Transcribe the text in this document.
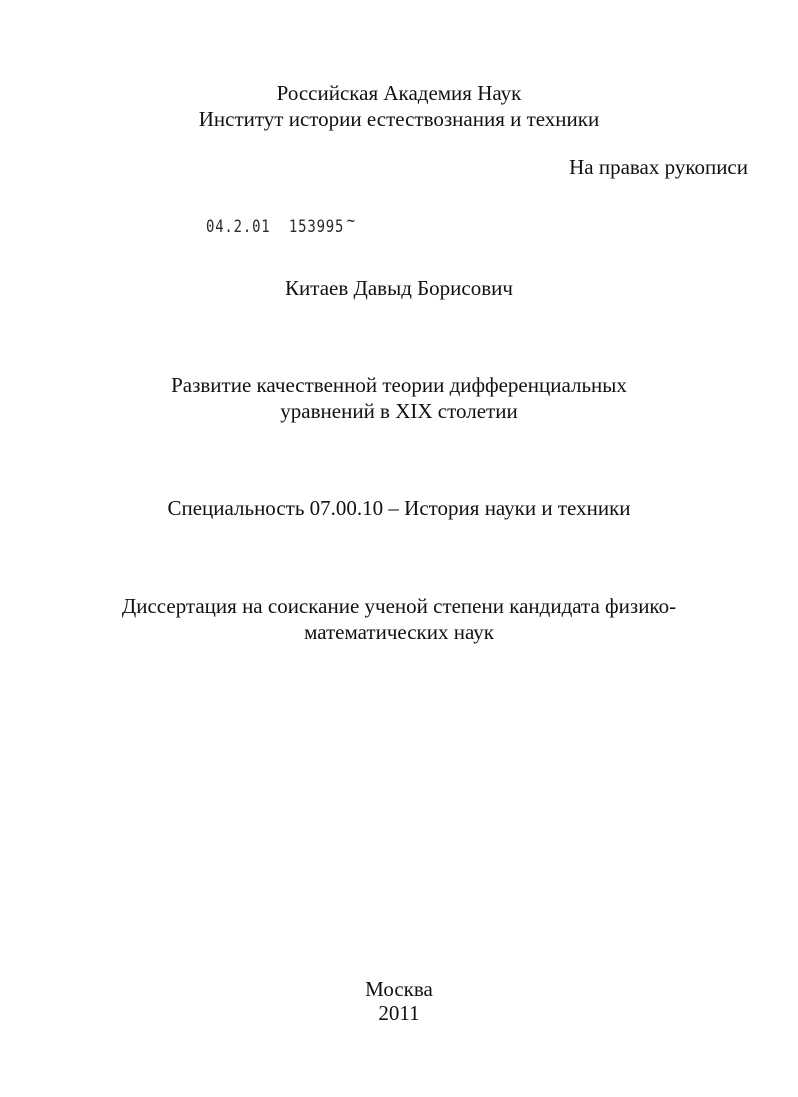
Российская Академия Наук
Институт истории естествознания и техники
На правах рукописи
04.2.01 153995 ~
Китаев Давыд Борисович
Развитие качественной теории дифференциальных
уравнений в XIX столетии
Специальность 07.00.10 – История науки и техники
Диссертация на соискание ученой степени кандидата физико-
математических наук
Москва
2011
